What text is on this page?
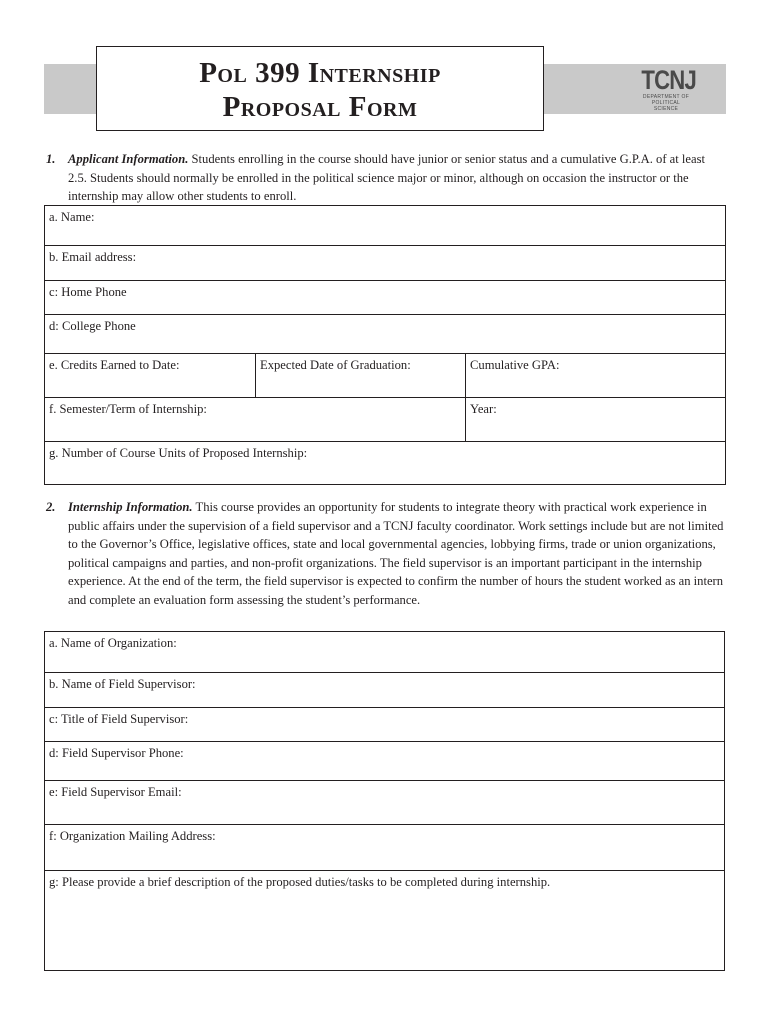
Pol 399 Internship
Proposal Form
TCNJ
DEPARTMENT OF
POLITICAL
SCIENCE
1. Applicant Information. Students enrolling in the course should have junior or senior status and a cumulative G.P.A. of at least 2.5. Students should normally be enrolled in the political science major or minor, although on occasion the instructor or the internship may allow other students to enroll.
a. Name:		
b. Email address:		
c: Home Phone		
d: College Phone		
e. Credits Earned to Date:	Expected Date of Graduation:	Cumulative GPA:
f. Semester/Term of Internship:		Year:
g. Number of Course Units of Proposed Internship:		
2. Internship Information. This course provides an opportunity for students to integrate theory with practical work experience in public affairs under the supervision of a field supervisor and a TCNJ faculty coordinator. Work settings include but are not limited to the Governor’s Office, legislative offices, state and local governmental agencies, lobbying firms, trade or union organizations, political campaigns and parties, and non-profit organizations. The field supervisor is an important participant in the internship experience. At the end of the term, the field supervisor is expected to confirm the number of hours the student worked as an intern and complete an evaluation form assessing the student’s performance.
a. Name of Organization:
b. Name of Field Supervisor:
c: Title of Field Supervisor:
d: Field Supervisor Phone:
e: Field Supervisor Email:
f: Organization Mailing Address:
g: Please provide a brief description of the proposed duties/tasks to be completed during internship.
